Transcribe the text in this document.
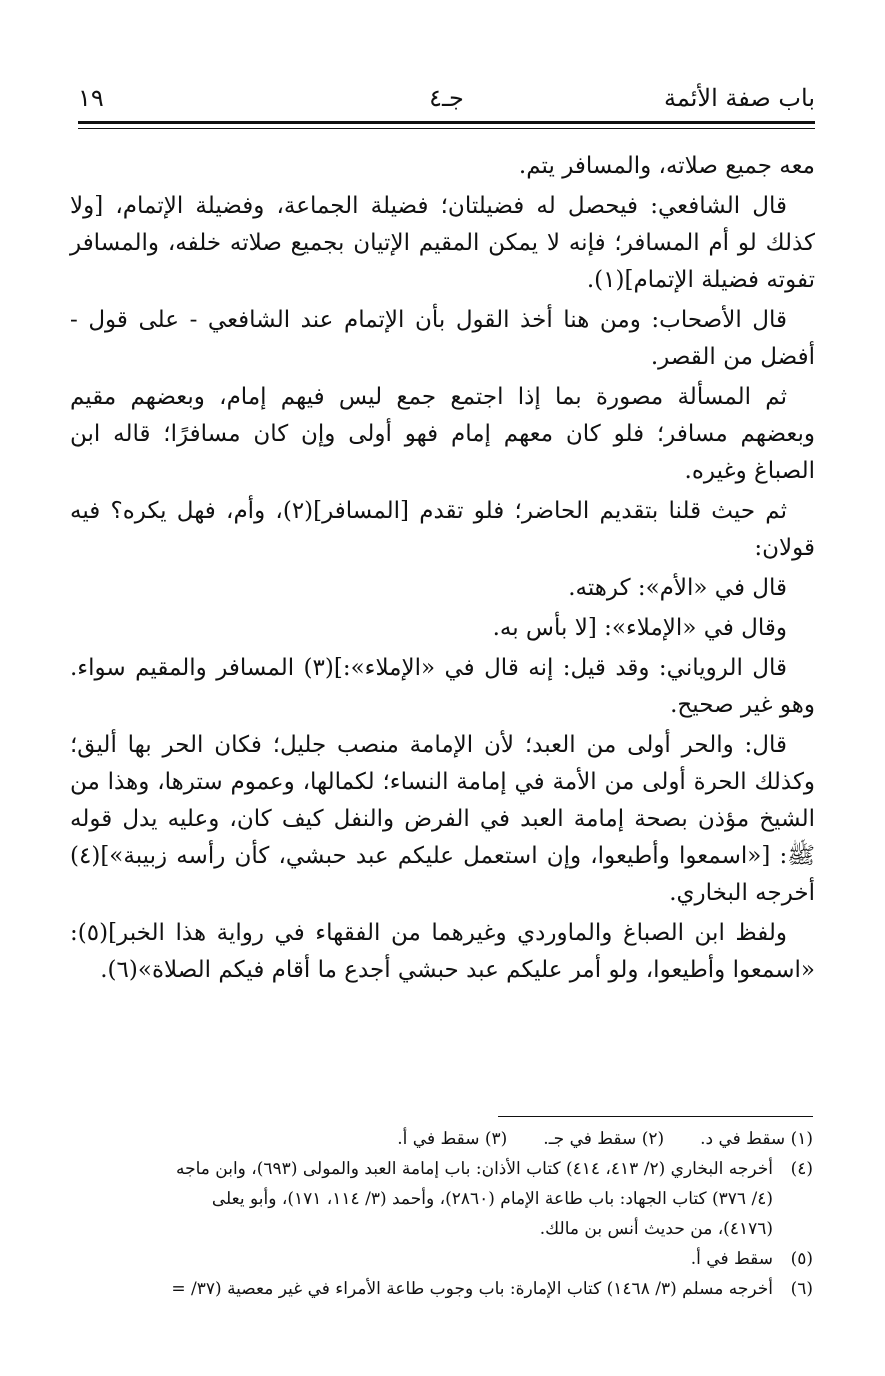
باب صفة الأئمة
جـ٤
١٩

معه جميع صلاته، والمسافر يتم.

قال الشافعي: فيحصل له فضيلتان؛ فضيلة الجماعة، وفضيلة الإتمام، [ولا كذلك لو أم المسافر؛ فإنه لا يمكن المقيم الإتيان بجميع صلاته خلفه، والمسافر تفوته فضيلة الإتمام](١).

قال الأصحاب: ومن هنا أخذ القول بأن الإتمام عند الشافعي - على قول - أفضل من القصر.

ثم المسألة مصورة بما إذا اجتمع جمع ليس فيهم إمام، وبعضهم مقيم وبعضهم مسافر؛ فلو كان معهم إمام فهو أولى وإن كان مسافرًا؛ قاله ابن الصباغ وغيره.

ثم حيث قلنا بتقديم الحاضر؛ فلو تقدم [المسافر](٢)، وأم، فهل يكره؟ فيه قولان:

قال في «الأم»: كرهته.

وقال في «الإملاء»: [لا بأس به.

قال الروياني: وقد قيل: إنه قال في «الإملاء»:](٣) المسافر والمقيم سواء. وهو غير صحيح.

قال: والحر أولى من العبد؛ لأن الإمامة منصب جليل؛ فكان الحر بها أليق؛ وكذلك الحرة أولى من الأمة في إمامة النساء؛ لكمالها، وعموم سترها، وهذا من الشيخ مؤذن بصحة إمامة العبد في الفرض والنفل كيف كان، وعليه يدل قوله ﷺ: [«اسمعوا وأطيعوا، وإن استعمل عليكم عبد حبشي، كأن رأسه زبيبة»](٤) أخرجه البخاري.

ولفظ ابن الصباغ والماوردي وغيرهما من الفقهاء في رواية هذا الخبر](٥): «اسمعوا وأطيعوا، ولو أمر عليكم عبد حبشي أجدع ما أقام فيكم الصلاة»(٦).

(١) سقط في د.
(٢) سقط في جـ.
(٣) سقط في أ.
(٤)
أخرجه البخاري (٢/ ٤١٣، ٤١٤) كتاب الأذان: باب إمامة العبد والمولى (٦٩٣)، وابن ماجه
(٤/ ٣٧٦) كتاب الجهاد: باب طاعة الإمام (٢٨٦٠)، وأحمد (٣/ ١١٤، ١٧١)، وأبو يعلى
(٤١٧٦)، من حديث أنس بن مالك.
(٥)
سقط في أ.
(٦)
أخرجه مسلم (٣/ ١٤٦٨) كتاب الإمارة: باب وجوب طاعة الأمراء في غير معصية (٣٧/ =
